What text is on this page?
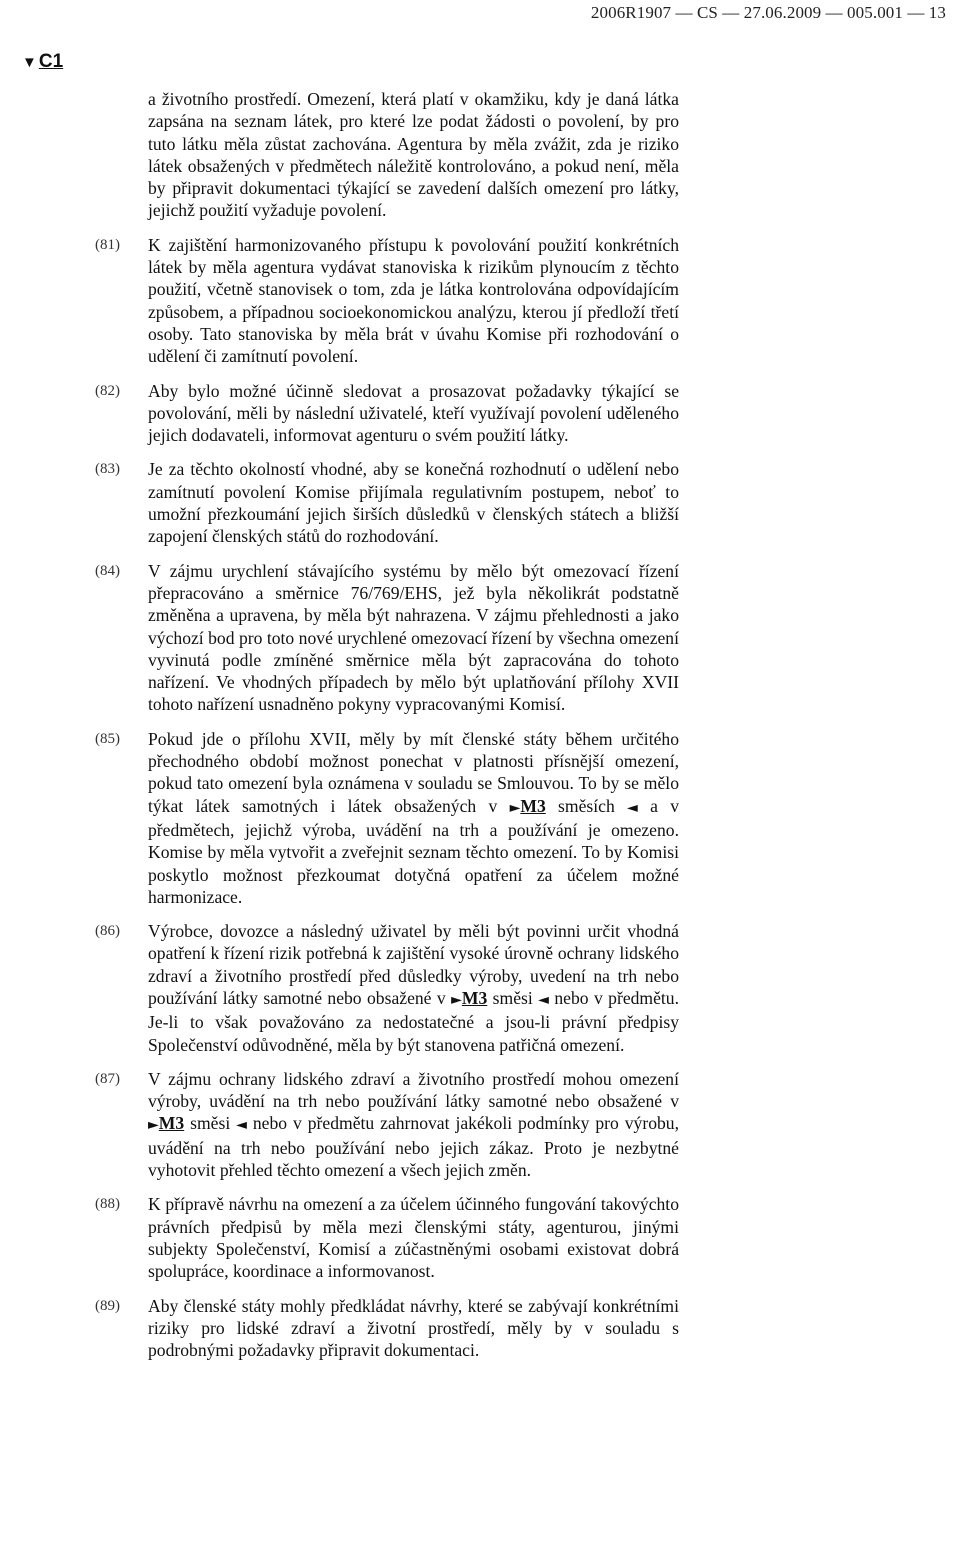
2006R1907 — CS — 27.06.2009 — 005.001 — 13
▼ C1
a životního prostředí. Omezení, která platí v okamžiku, kdy je daná látka zapsána na seznam látek, pro které lze podat žádosti o povolení, by pro tuto látku měla zůstat zachována. Agentura by měla zvážit, zda je riziko látek obsažených v předmětech náležitě kontrolováno, a pokud není, měla by připravit dokumentaci týkající se zavedení dalších omezení pro látky, jejichž použití vyžaduje povolení.
(81) K zajištění harmonizovaného přístupu k povolování použití konkrétních látek by měla agentura vydávat stanoviska k rizikům plynoucím z těchto použití, včetně stanovisek o tom, zda je látka kontrolována odpovídajícím způsobem, a případnou socioekonomickou analýzu, kterou jí předloží třetí osoby. Tato stanoviska by měla brát v úvahu Komise při rozhodování o udělení či zamítnutí povolení.
(82) Aby bylo možné účinně sledovat a prosazovat požadavky týkající se povolování, měli by následní uživatelé, kteří využívají povolení uděleného jejich dodavateli, informovat agenturu o svém použití látky.
(83) Je za těchto okolností vhodné, aby se konečná rozhodnutí o udělení nebo zamítnutí povolení Komise přijímala regulativním postupem, neboť to umožní přezkoumání jejich širších důsledků v členských státech a bližší zapojení členských států do rozhodování.
(84) V zájmu urychlení stávajícího systému by mělo být omezovací řízení přepracováno a směrnice 76/769/EHS, jež byla několikrát podstatně změněna a upravena, by měla být nahrazena. V zájmu přehlednosti a jako výchozí bod pro toto nové urychlené omezovací řízení by všechna omezení vyvinutá podle zmíněné směrnice měla být zapracována do tohoto nařízení. Ve vhodných případech by mělo být uplatňování přílohy XVII tohoto nařízení usnadněno pokyny vypracovanými Komisí.
(85) Pokud jde o přílohu XVII, měly by mít členské státy během určitého přechodného období možnost ponechat v platnosti přísnější omezení, pokud tato omezení byla oznámena v souladu se Smlouvou. To by se mělo týkat látek samotných i látek obsažených v ►M3 směsích ◄ a v předmětech, jejichž výroba, uvádění na trh a používání je omezeno. Komise by měla vytvořit a zveřejnit seznam těchto omezení. To by Komisi poskytlo možnost přezkoumat dotyčná opatření za účelem možné harmonizace.
(86) Výrobce, dovozce a následný uživatel by měli být povinni určit vhodná opatření k řízení rizik potřebná k zajištění vysoké úrovně ochrany lidského zdraví a životního prostředí před důsledky výroby, uvedení na trh nebo používání látky samotné nebo obsažené v ►M3 směsi ◄ nebo v předmětu. Je-li to však považováno za nedostatečné a jsou-li právní předpisy Společenství odůvodněné, měla by být stanovena patřičná omezení.
(87) V zájmu ochrany lidského zdraví a životního prostředí mohou omezení výroby, uvádění na trh nebo používání látky samotné nebo obsažené v ►M3 směsi ◄ nebo v předmětu zahrnovat jakékoli podmínky pro výrobu, uvádění na trh nebo používání nebo jejich zákaz. Proto je nezbytné vyhotovit přehled těchto omezení a všech jejich změn.
(88) K přípravě návrhu na omezení a za účelem účinného fungování takovýchto právních předpisů by měla mezi členskými státy, agenturou, jinými subjekty Společenství, Komisí a zúčastněnými osobami existovat dobrá spolupráce, koordinace a informovanost.
(89) Aby členské státy mohly předkládat návrhy, které se zabývají konkrétními riziky pro lidské zdraví a životní prostředí, měly by v souladu s podrobnými požadavky připravit dokumentaci.
